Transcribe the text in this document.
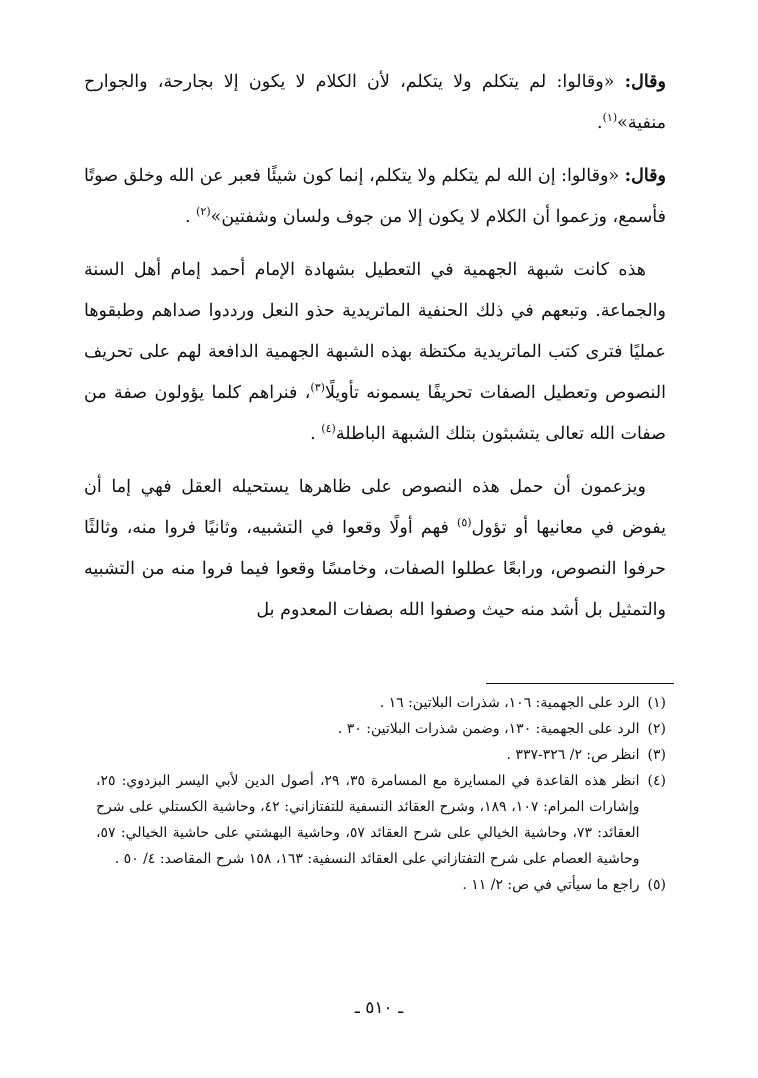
وقال: «وقالوا: لم يتكلم ولا يتكلم، لأن الكلام لا يكون إلا بجارحة، والجوارح منفية»$^{(١)}$.

وقال: «وقالوا: إن الله لم يتكلم ولا يتكلم، إنما كون شيئًا فعبر عن الله وخلق صوتًا فأسمع، وزعموا أن الكلام لا يكون إلا من جوف ولسان وشفتين»$^{(٢)}$ .

هذه كانت شبهة الجهمية في التعطيل بشهادة الإمام أحمد إمام أهل السنة والجماعة. وتبعهم في ذلك الحنفية الماتريدية حذو النعل ورددوا صداهم وطبقوها عمليًا فترى كتب الماتريدية مكتظة بهذه الشبهة الجهمية الدافعة لهم على تحريف النصوص وتعطيل الصفات تحريفًا يسمونه تأويلًا$^{(٣)}$، فنراهم كلما يؤولون صفة من صفات الله تعالى يتشبثون بتلك الشبهة الباطلة$^{(٤)}$ .

ويزعمون أن حمل هذه النصوص على ظاهرها يستحيله العقل فهي إما أن يفوض في معانيها أو تؤول$^{(٥)}$ فهم أولًا وقعوا في التشبيه، وثانيًا فروا منه، وثالثًا حرفوا النصوص، ورابعًا عطلوا الصفات، وخامسًا وقعوا فيما فروا منه من التشبيه والتمثيل بل أشد منه حيث وصفوا الله بصفات المعدوم بل

(١)
الرد على الجهمية: ١٠٦، شذرات البلاتين: ١٦ .

(٢)
الرد على الجهمية: ١٣٠، وضمن شذرات البلاتين: ٣٠ .

(٣)
انظر ص: ٢/ ٣٢٦-٣٣٧ .

(٤)
انظر هذه القاعدة في المسايرة مع المسامرة ٣٥، ٢٩، أصول الدين لأبي اليسر البزدوي: ٢٥، وإشارات المرام: ١٠٧، ١٨٩، وشرح العقائد النسفية للتفتازاني: ٤٢، وحاشية الكستلي على شرح العقائد: ٧٣، وحاشية الخيالي على شرح العقائد ٥٧، وحاشية البهشتي على حاشية الخيالي: ٥٧، وحاشية العصام على شرح التفتازاني على العقائد النسفية: ١٦٣، ١٥٨ شرح المقاصد: ٤/ ٥٠ .

(٥)
راجع ما سيأتي في ص: ٢/ ١١ .

ـ ٥١٠ ـ
